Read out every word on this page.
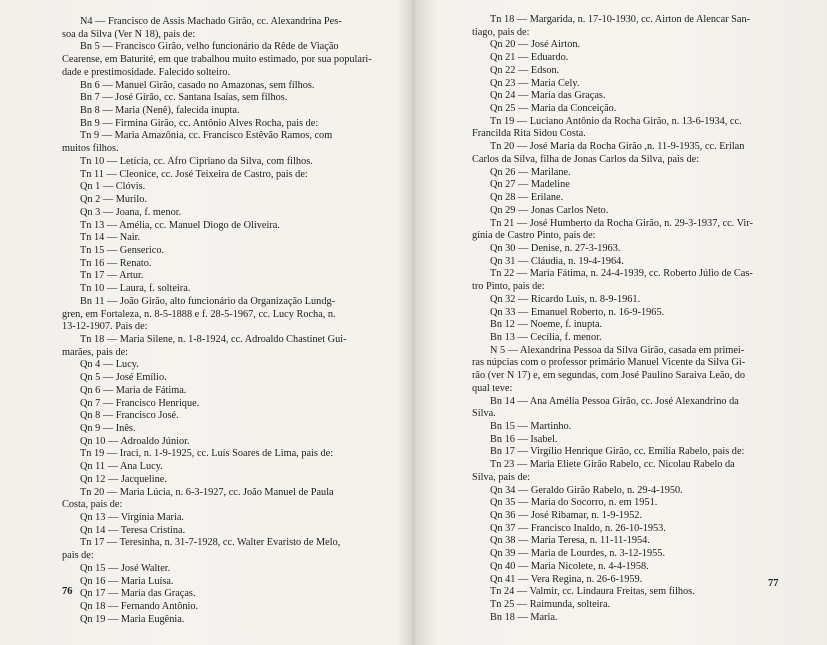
N4 — Francisco de Assis Machado Girão, cc. Alexandrina Pes-
soa da Silva (Ver N 18), pais de:
Bn 5 — Francisco Girão, velho funcionário da Rêde de Viação
Cearense, em Baturité, em que trabalhou muito estimado, por sua populari-
dade e prestimosidade. Falecido solteiro.
Bn 6 — Manuel Girão, casado no Amazonas, sem filhos.
Bn 7 — José Girão, cc. Santana Isaías, sem filhos.
Bn 8 — Maria (Nenê), falecida inupta.
Bn 9 — Firmina Girão, cc. Antônio Alves Rocha, pais de:
Tn 9 — Maria Amazônia, cc. Francisco Estêvão Ramos, com
muitos filhos.
Tn 10 — Letícia, cc. Afro Cipriano da Silva, com filhos.
Tn 11 — Cleonice, cc. José Teixeira de Castro, pais de:
Qn 1 — Clóvis.
Qn 2 — Murilo.
Qn 3 — Joana, f. menor.
Tn 13 — Amélia, cc. Manuel Diogo de Oliveira.
Tn 14 — Nair.
Tn 15 — Genserico.
Tn 16 — Renato.
Tn 17 — Artur.
Tn 10 — Laura, f. solteira.
Bn 11 — João Girão, alto funcionário da Organização Lundg-
gren, em Fortaleza, n. 8-5-1888 e f. 28-5-1967, cc. Lucy Rocha, n.
13-12-1907. Pais de:
Tn 18 — Maria Silene, n. 1-8-1924, cc. Adroaldo Chastinet Gui-
marães, pais de:
Qn 4 — Lucy.
Qn 5 — José Emílio.
Qn 6 — Maria de Fátima.
Qn 7 — Francisco Henrique.
Qn 8 — Francisco José.
Qn 9 — Inês.
Qn 10 — Adroaldo Júnior.
Tn 19 — Iraci, n. 1-9-1925, cc. Luís Soares de Lima, pais de:
Qn 11 — Ana Lucy.
Qn 12 — Jacqueline.
Tn 20 — Maria Lúcia, n. 6-3-1927, cc. João Manuel de Paula
Costa, pais de:
Qn 13 — Virgínia Maria.
Qn 14 — Teresa Cristina.
Tn 17 — Teresinha, n. 31-7-1928, cc. Walter Evaristo de Melo,
pais de:
Qn 15 — José Walter.
Qn 16 — Maria Luísa.
Qn 17 — Maria das Graças.
Qn 18 — Fernando Antônio.
Qn 19 — Maria Eugênia.
76
Tn 18 — Margarida, n. 17-10-1930, cc. Airton de Alencar San-
tiago, pais de:
Qn 20 — José Airton.
Qn 21 — Eduardo.
Qn 22 — Edson.
Qn 23 — Maria Cely.
Qn 24 — Maria das Graças.
Qn 25 — Maria da Conceição.
Tn 19 — Luciano Antônio da Rocha Girão, n. 13-6-1934, cc.
Francilda Rita Sidou Costa.
Tn 20 — José Maria da Rocha Girão ,n. 11-9-1935, cc. Erilan
Carlos da Silva, filha de Jonas Carlos da Silva, pais de:
Qn 26 — Marilane.
Qn 27 — Madeline
Qn 28 — Erilane.
Qn 29 — Jonas Carlos Neto.
Tn 21 — José Humberto da Rocha Girão, n. 29-3-1937, cc. Vir-
gínia de Castro Pinto, pais de:
Qn 30 — Denise, n. 27-3-1963.
Qn 31 — Cláudia, n. 19-4-1964.
Tn 22 — Maria Fátima, n. 24-4-1939, cc. Roberto Júlio de Cas-
tro Pinto, pais de:
Qn 32 — Ricardo Luis, n. 8-9-1961.
Qn 33 — Emanuel Roberto, n. 16-9-1965.
Bn 12 — Noeme, f. inupta.
Bn 13 — Cecília, f. menor.
N 5 — Alexandrina Pessoa da Silva Girão, casada em primei-
ras núpcias com o professor primário Manuel Vicente da Silva Gi-
rão (ver N 17) e, em segundas, com José Paulino Saraiva Leão, do
qual teve:
Bn 14 — Ana Amélia Pessoa Girão, cc. José Alexandrino da
Silva.
Bn 15 — Martinho.
Bn 16 — Isabel.
Bn 17 — Virgílio Henrique Girão, cc. Emília Rabelo, pais de:
Tn 23 — Maria Eliete Girão Rabelo, cc. Nicolau Rabelo da
Silva, pais de:
Qn 34 — Geraldo Girão Rabelo, n. 29-4-1950.
Qn 35 — Maria do Socorro, n. em 1951.
Qn 36 — José Ribamar, n. 1-9-1952.
Qn 37 — Francisco Inaldo, n. 26-10-1953.
Qn 38 — Maria Teresa, n. 11-11-1954.
Qn 39 — Maria de Lourdes, n. 3-12-1955.
Qn 40 — Maria Nicolete, n. 4-4-1958.
Qn 41 — Vera Regina, n. 26-6-1959.
Tn 24 — Valmir, cc. Lindaura Freitas, sem filhos.
Tn 25 — Raimunda, solteira.
Bn 18 — Maria.
77
